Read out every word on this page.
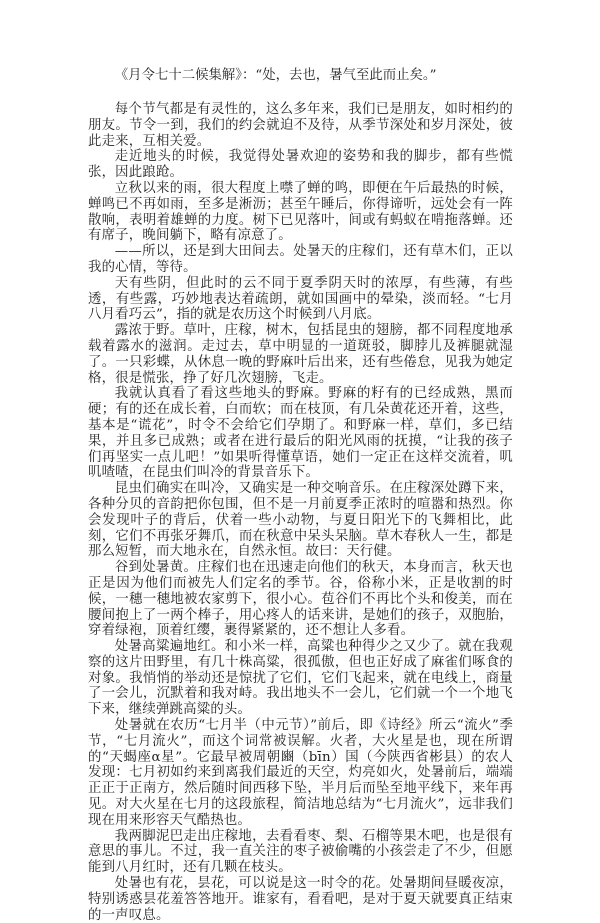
《月令七十二候集解》：“处，去也，暑气至此而止矣。”

每个节气都是有灵性的，这么多年来，我们已是朋友，如时相约的朋友。节令一到，我们的约会就迫不及待，从季节深处和岁月深处，彼此走来，互相关爱。

走近地头的时候，我觉得处暑欢迎的姿势和我的脚步，都有些慌张，因此踉跄。

立秋以来的雨，很大程度上噤了蝉的鸣，即便在午后最热的时候，蝉鸣已不再如雨，至多是淅沥；甚至午睡后，你得谛听，远处会有一阵散响，表明着雄蝉的力度。树下已见落叶，间或有蚂蚁在啃拖落蝉。还有席子，晚间躺下，略有凉意了。

——所以，还是到大田间去。处暑天的庄稼们，还有草木们，正以我的心情，等待。

天有些阴，但此时的云不同于夏季阴天时的浓厚，有些薄，有些透，有些露，巧妙地表达着疏朗，就如国画中的晕染，淡而轻。“七月八月看巧云”，指的就是农历这个时候到八月底。

露浓于野。草叶，庄稼，树木，包括昆虫的翅膀，都不同程度地承载着露水的滋润。走过去，草中明显的一道斑驳，脚脖儿及裤腿就湿了。一只彩蝶，从休息一晚的野麻叶后出来，还有些倦怠，见我为她定格，很是慌张，挣了好几次翅膀，飞走。

我就认真看了看这些地头的野麻。野麻的籽有的已经成熟，黑而硬；有的还在成长着，白而软；而在枝顶，有几朵黄花还开着，这些，基本是“谎花”，时令不会给它们孕期了。和野麻一样，草们，多已结果，并且多已成熟；或者在进行最后的阳光风雨的抚摸，“让我的孩子们再坚实一点儿吧！”如果听得懂草语，她们一定正在这样交流着，叽叽喳喳，在昆虫们叫冷的背景音乐下。

昆虫们确实在叫冷，又确实是一种交响音乐。在庄稼深处蹲下来，各种分贝的音韵把你包围，但不是一月前夏季正浓时的喧嚣和热烈。你会发现叶子的背后，伏着一些小动物，与夏日阳光下的飞舞相比，此刻，它们不再张牙舞爪，而在秋意中呆头呆脑。草木春秋人一生，都是那么短暂，而大地永在，自然永恒。故曰：天行健。

谷到处暑黄。庄稼们也在迅速走向他们的秋天，本身而言，秋天也正是因为他们而被先人们定名的季节。谷，俗称小米，正是收割的时候，一穗一穗地被农家剪下，很小心。苞谷们不再比个头和俊美，而在腰间抱上了一两个棒子，用心疼人的话来讲，是她们的孩子，双胞胎，穿着绿袍，顶着红缨，裹得紧紧的，还不想让人多看。

处暑高粱遍地红。和小米一样，高粱也种得少之又少了。就在我观察的这片田野里，有几十株高粱，很孤傲，但也正好成了麻雀们啄食的对象。我悄悄的举动还是惊扰了它们，它们飞起来，就在电线上，商量了一会儿，沉默着和我对峙。我出地头不一会儿，它们就一个一个地飞下来，继续弹跳高粱的头。

处暑就在农历“七月半（中元节）”前后，即《诗经》所云“流火”季节，“七月流火”，而这个词常被误解。火者，大火星是也，现在所谓的“天蝎座α星”。它最早被周朝豳（bīn）国（今陕西省彬县）的农人发现：七月初如约来到离我们最近的天空，灼亮如火，处暑前后，端端正正于正南方，然后随时间西移下坠，半月后而坠至地平线下，来年再见。对大火星在七月的这段旅程，简洁地总结为“七月流火”，远非我们现在用来形容天气酷热也。

我两脚泥巴走出庄稼地，去看看枣、梨、石榴等果木吧，也是很有意思的事儿。不过，我一直关注的枣子被偷嘴的小孩尝走了不少，但愿能到八月红时，还有几颗在枝头。

处暑也有花，昙花，可以说是这一时令的花。处暑期间昼暖夜凉，特别诱惑昙花羞答答地开。谁家有，看看吧，是对于夏天就要真正结束的一声叹息。
